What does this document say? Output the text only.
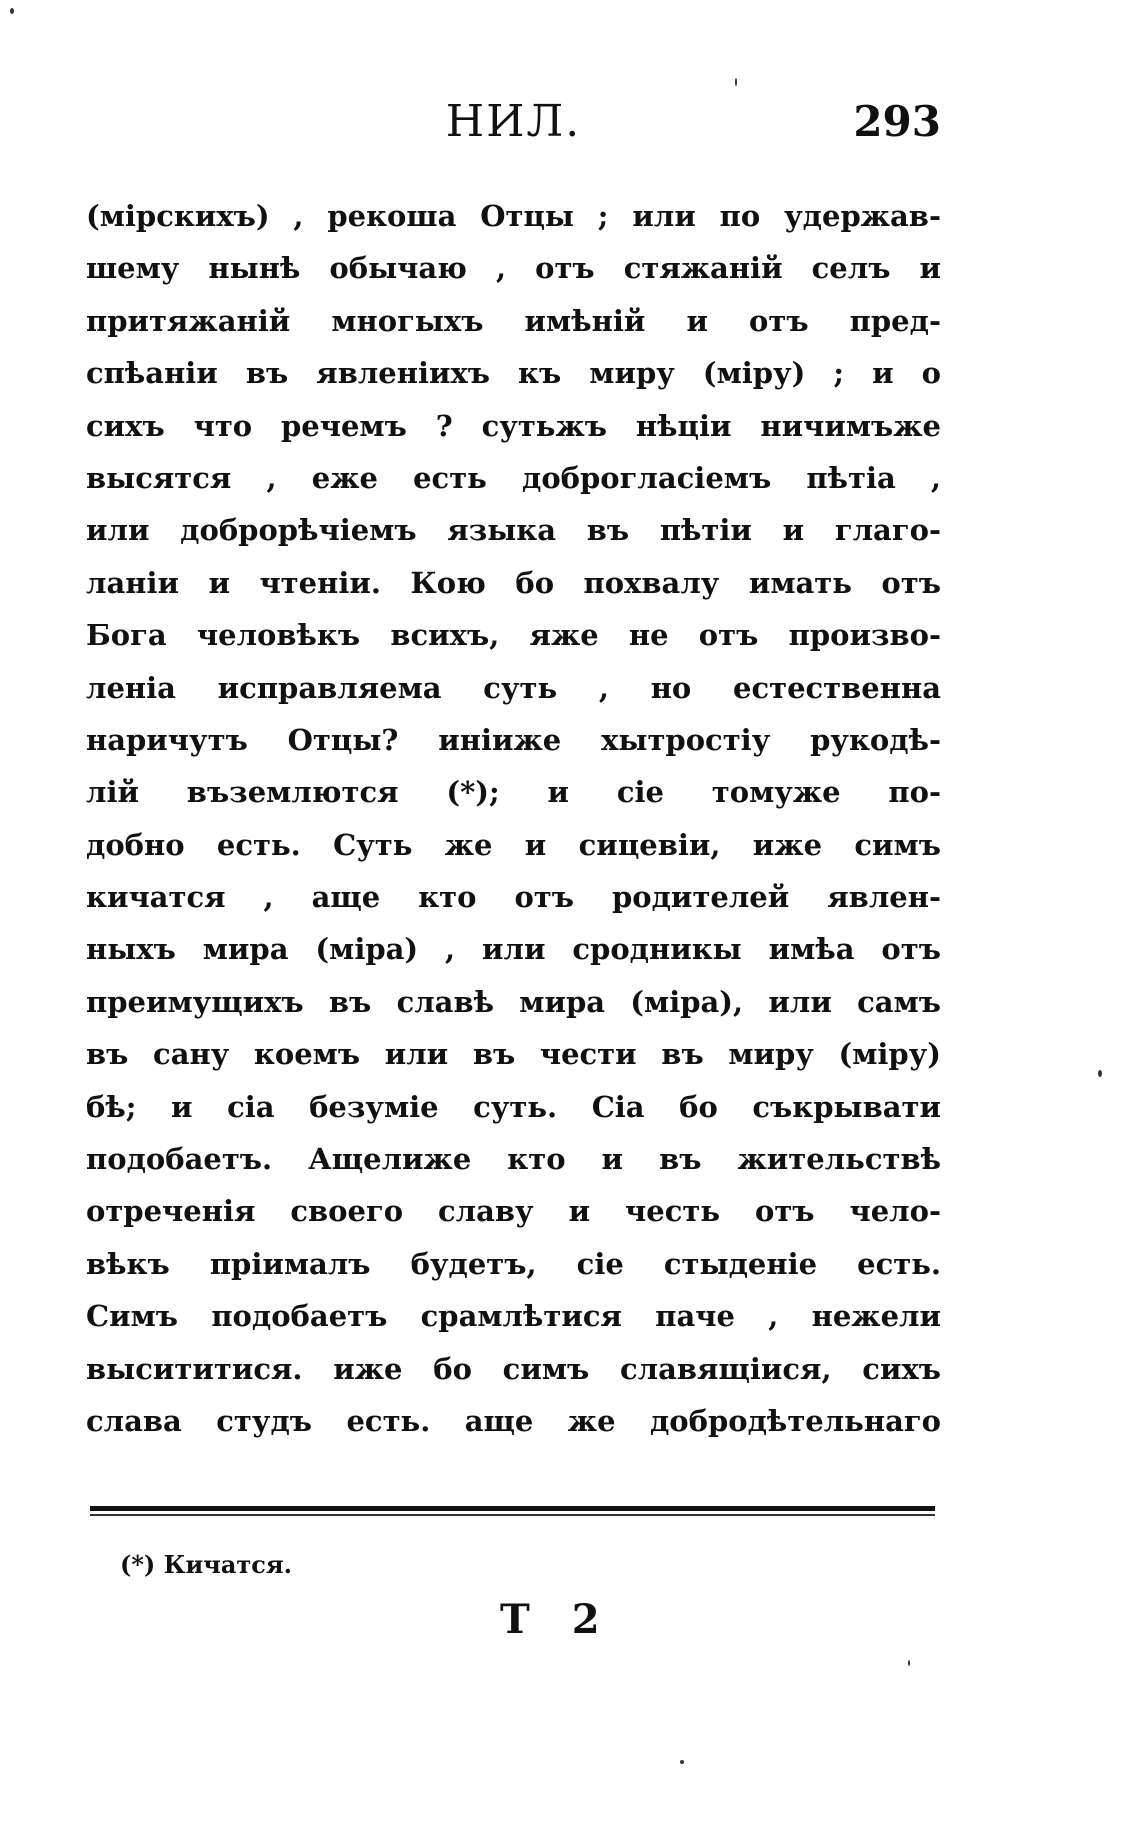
НИЛ.	293
(мірскихъ) , рекоша Отцы ; или по удержав-
шему нынѣ обычаю , отъ стяжаній селъ и
притяжаній многыхъ имѣній и отъ пред-
спѣаніи въ явленіихъ къ миру (міру) ; и о
сихъ что речемъ ? сутьжъ нѣціи ничимъже
высятся , еже есть доброгласіемъ пѣтіа ,
или доброрѣчіемъ языка въ пѣтіи и глаго-
ланіи и чтеніи. Кою бо похвалу имать отъ
Бога человѣкъ всихъ, яже не отъ произво-
леніа исправляема суть , но естественна
наричутъ Отцы? иніиже хытростіу рукодѣ-
лій въземлются (*); и сіе томуже по-
добно есть. Суть же и сицевіи, иже симъ
кичатся , аще кто отъ родителей явлен-
ныхъ мира (міра) , или сродникы имѣа отъ
преимущихъ въ славѣ мира (міра), или самъ
въ сану коемъ или въ чести въ миру (міру)
бѣ; и сіа безуміе суть. Сіа бо съкрывати
подобаетъ. Ащелиже кто и въ жительствѣ
отреченія своего славу и честь отъ чело-
вѣкъ пріималъ будетъ, сіе стыденіе есть.
Симъ подобаетъ срамлѣтися паче , нежели
высититися. иже бо симъ славящіися, сихъ
слава студъ есть. аще же добродѣтельнаго
(*) Кичатся.
Т 2
